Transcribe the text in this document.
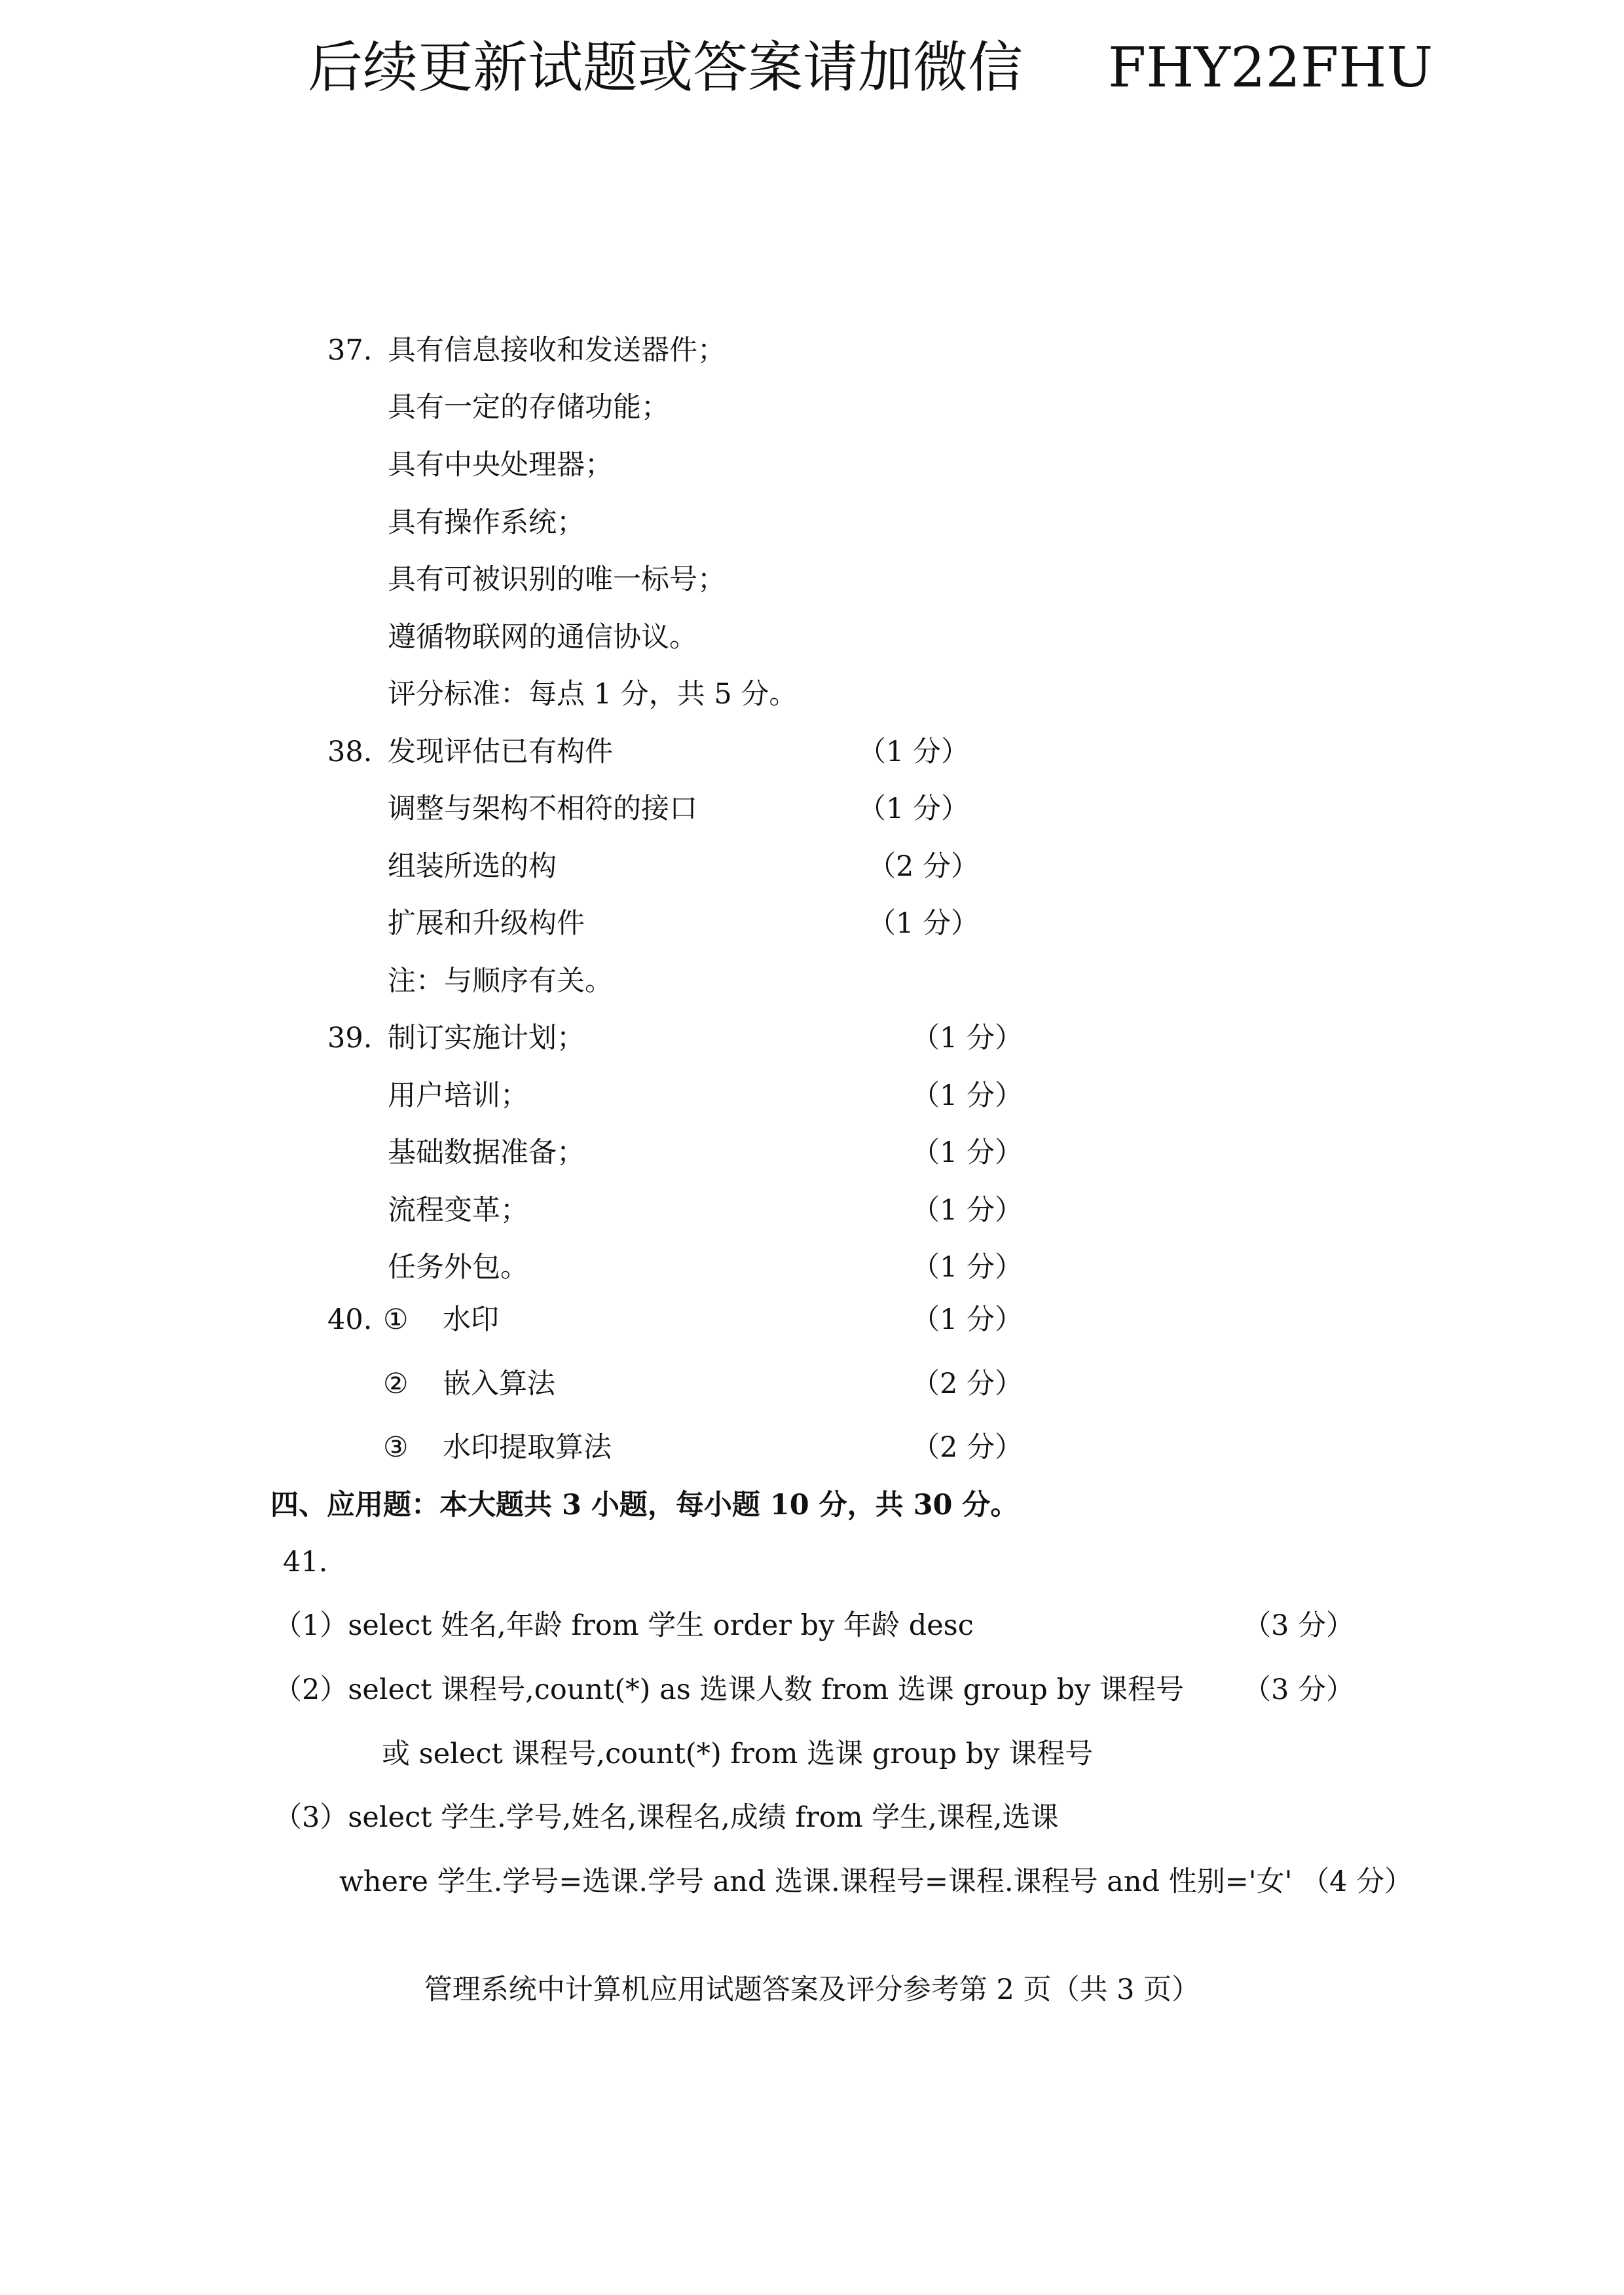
后续更新试题或答案请加微信 FHY22FHU
37. 具有信息接收和发送器件；
具有一定的存储功能；
具有中央处理器；
具有操作系统；
具有可被识别的唯一标号；
遵循物联网的通信协议。
评分标准：每点 1 分，共 5 分。
38. 发现评估已有构件	（1 分）
调整与架构不相符的接口	（1 分）
组装所选的构	（2 分）
扩展和升级构件	（1 分）
注：与顺序有关。
39. 制订实施计划；	（1 分）
用户培训；	（1 分）
基础数据准备；	（1 分）
流程变革；	（1 分）
任务外包。	（1 分）
40. ① 水印	（1 分）
② 嵌入算法	（2 分）
③ 水印提取算法	（2 分）
四、应用题：本大题共 3 小题，每小题 10 分，共 30 分。
41.
（1）select 姓名,年龄 from 学生 order by 年龄 desc	（3 分）
（2）select 课程号,count(*) as 选课人数 from 选课 group by 课程号 （3 分）
或 select 课程号,count(*) from 选课 group by 课程号
（3）select 学生.学号,姓名,课程名,成绩 from 学生,课程,选课
where 学生.学号=选课.学号 and 选课.课程号=课程.课程号 and 性别='女' （4 分）
管理系统中计算机应用试题答案及评分参考第 2 页（共 3 页）
